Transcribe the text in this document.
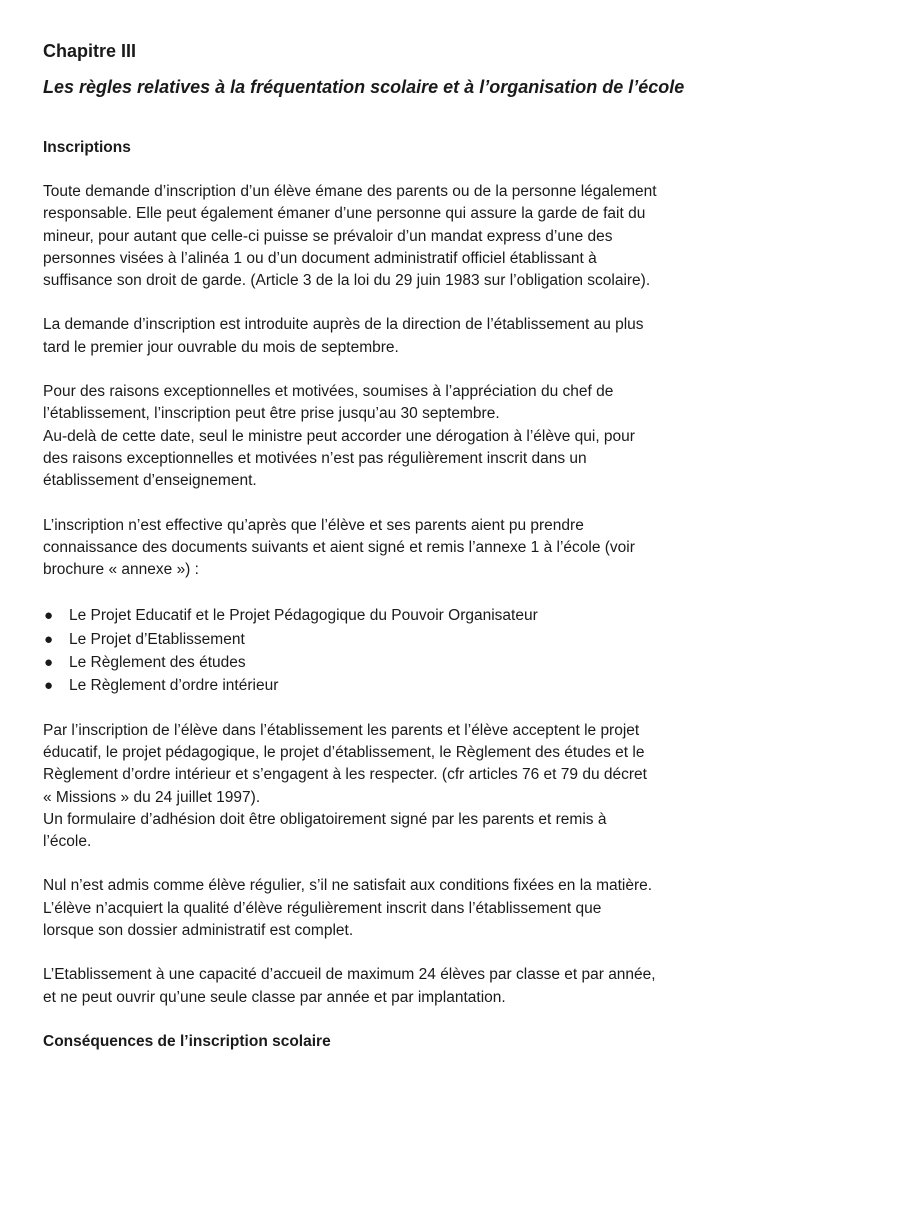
Chapitre III
Les règles relatives à la fréquentation scolaire et à l’organisation de l’école
Inscriptions

Toute demande d’inscription d’un élève émane des parents ou de la personne légalement
responsable. Elle peut également émaner d’une personne qui assure la garde de fait du
mineur, pour autant que celle-ci puisse se prévaloir d’un mandat express d’une des
personnes visées à l’alinéa 1 ou d’un document administratif officiel établissant à
suffisance son droit de garde. (Article 3 de la loi du 29 juin 1983 sur l’obligation scolaire).

La demande d’inscription est introduite auprès de la direction de l’établissement au plus
tard le premier jour ouvrable du mois de septembre.

Pour des raisons exceptionnelles et motivées, soumises à l’appréciation du chef de
l’établissement, l’inscription peut être prise jusqu’au 30 septembre.
Au-delà de cette date, seul le ministre peut accorder une dérogation à l’élève qui, pour
des raisons exceptionnelles et motivées n’est pas régulièrement inscrit dans un
établissement d’enseignement.

L’inscription n’est effective qu’après que l’élève et ses parents aient pu prendre
connaissance des documents suivants et aient signé et remis l’annexe 1 à l’école (voir
brochure « annexe ») :

● Le Projet Educatif et le Projet Pédagogique du Pouvoir Organisateur
● Le Projet d’Etablissement
● Le Règlement des études
● Le Règlement d’ordre intérieur

Par l’inscription de l’élève dans l’établissement les parents et l’élève acceptent le projet
éducatif, le projet pédagogique, le projet d’établissement, le Règlement des études et le
Règlement d’ordre intérieur et s’engagent à les respecter. (cfr articles 76 et 79 du décret
« Missions » du 24 juillet 1997).
Un formulaire d’adhésion doit être obligatoirement signé par les parents et remis à
l’école.

Nul n’est admis comme élève régulier, s’il ne satisfait aux conditions fixées en la matière.
L’élève n’acquiert la qualité d’élève régulièrement inscrit dans l’établissement que
lorsque son dossier administratif est complet.

L’Etablissement à une capacité d’accueil de maximum 24 élèves par classe et par année,
et ne peut ouvrir qu’une seule classe par année et par implantation.

Conséquences de l’inscription scolaire
